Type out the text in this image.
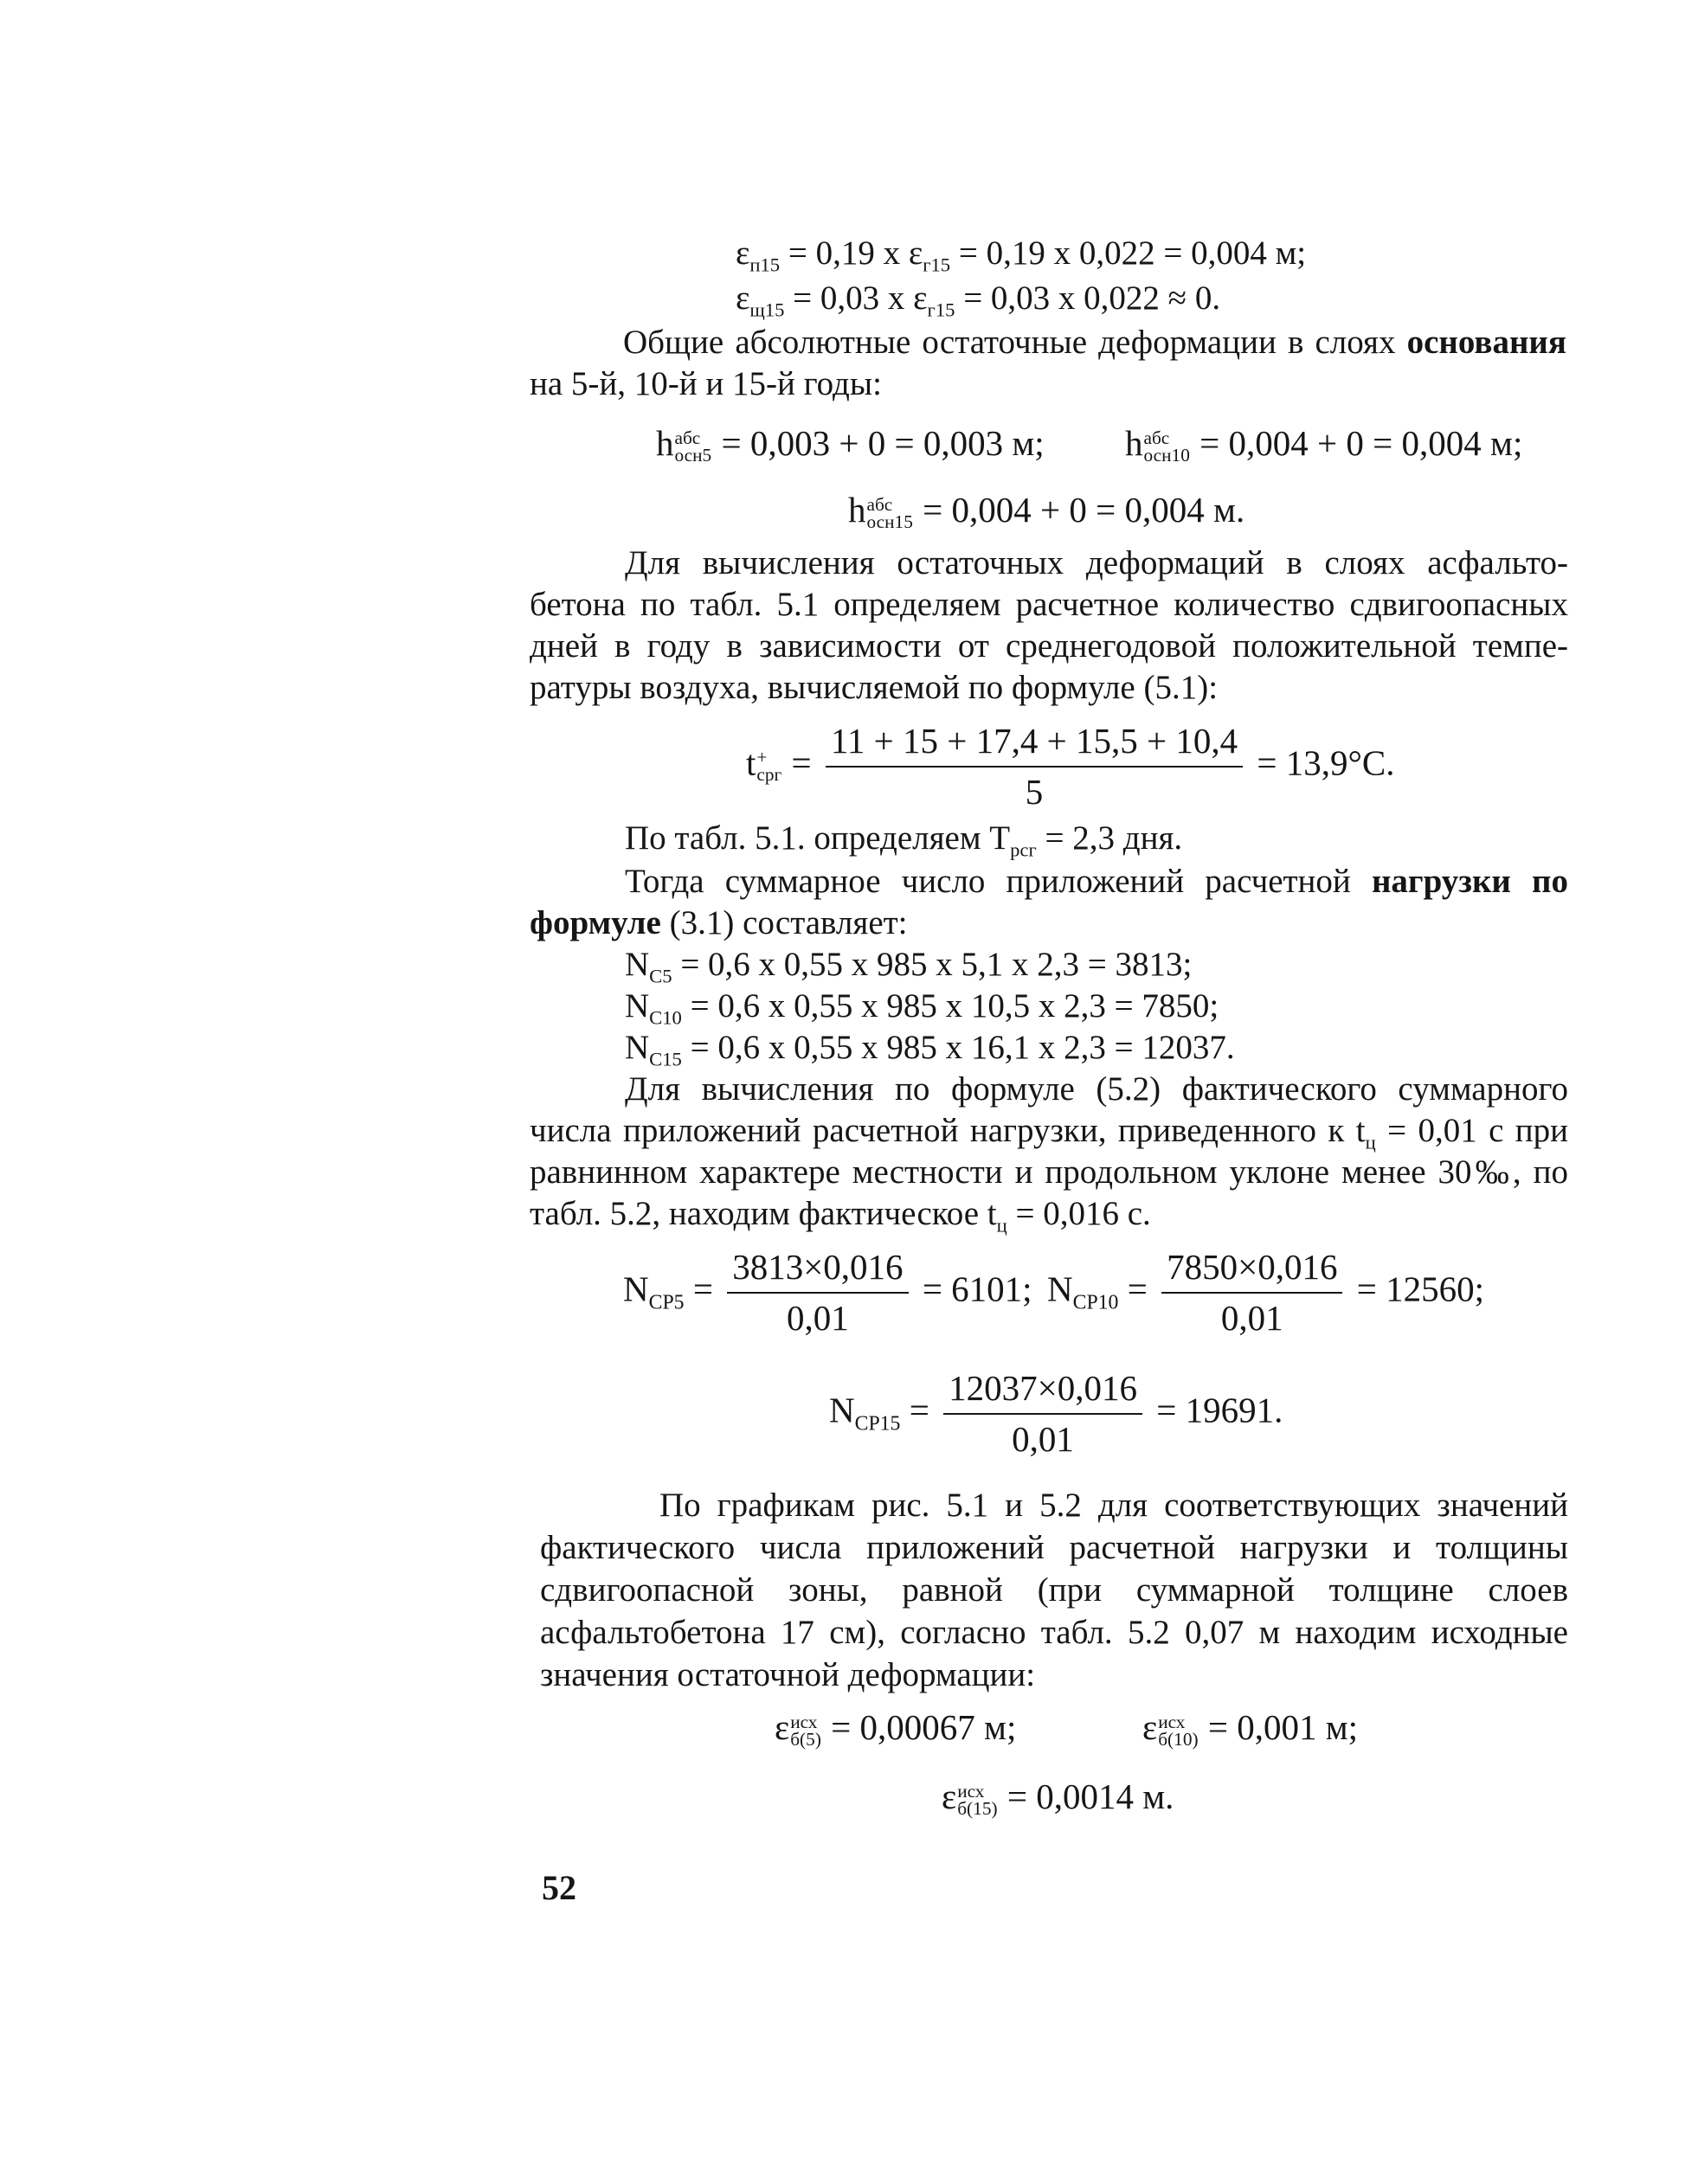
$\varepsilon_{п15} = 0,19$ x $\varepsilon_{г15} = 0,19$ x 0,022 = 0,004 м;
$\varepsilon_{щ15} = 0,03$ x $\varepsilon_{г15} = 0,03$ x 0,022 ≈ 0.
Общие абсолютные остаточные деформации в слоях основания
на 5-й, 10-й и 15-й годы:
h абс
осн5 = 0,003 + 0 = 0,003 м; h абс
осн10 = 0,004 + 0 = 0,004 м;
h абс
осн15 = 0,004 + 0 = 0,004 м.
Для вычисления остаточных деформаций в слоях асфальто-
бетона по табл. 5.1 определяем расчетное количество сдвигоопасных
дней в году в зависимости от среднегодовой положительной темпе-
ратуры воздуха, вычисляемой по формуле (5.1):
t +
срг = $\frac{11 + 15 + 17,4 + 15,5 + 10,4}{5} = 13,9^\circ С$.
По табл. 5.1. определяем $Т_{рсг} = 2,3$ дня.
Тогда суммарное число приложений расчетной нагрузки по
формуле (3.1) составляет:
$N_{С5} = 0,6$ x 0,55 x 985 x 5,1 x 2,3 = 3813;
$N_{С10} = 0,6$ x 0,55 x 985 x 10,5 x 2,3 = 7850;
$N_{С15} = 0,6$ x 0,55 x 985 x 16,1 x 2,3 = 12037.
Для вычисления по формуле (5.2) фактического суммарного
числа приложений расчетной нагрузки, приведенного к $t_ц = 0,01$ с при
равнинном характере местности и продольном уклоне менее 30‰, по
табл. 5.2, находим фактическое $t_ц = 0,016$ с.
$N_{СР5} = \frac{3813\times 0,016}{0,01} = 6101$; $N_{СР10} = \frac{7850\times 0,016}{0,01} = 12560$;
$N_{СР15} = \frac{12037\times 0,016}{0,01} = 19691$.
По графикам рис. 5.1 и 5.2 для соответствующих значений
фактического числа приложений расчетной нагрузки и толщины
сдвигоопасной зоны, равной (при суммарной толщине слоев
асфальтобетона 17 см), согласно табл. 5.2 0,07 м находим исходные
значения остаточной деформации:
ε исх
б(5) = 0,00067 м;	ε исх
б(10) = 0,001 м;
ε исх
б(15) = 0,0014 м.
52
